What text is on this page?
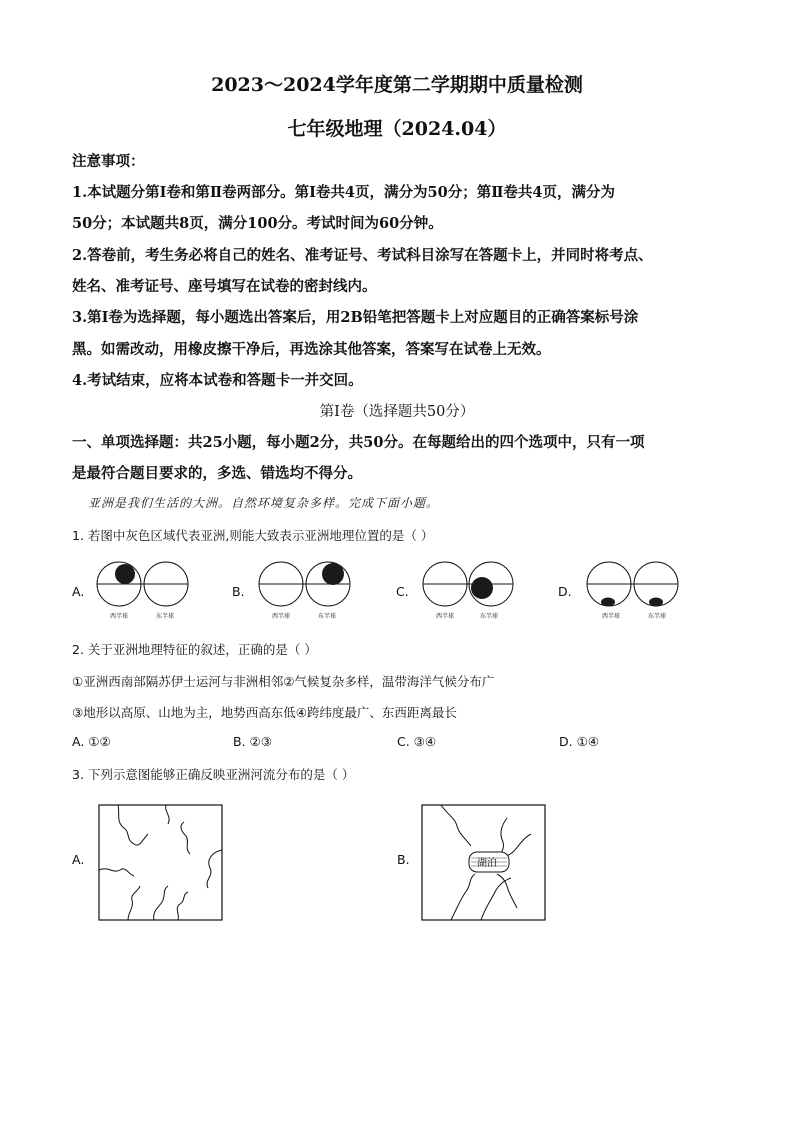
2023～2024学年度第二学期期中质量检测
七年级地理（2024.04）
注意事项：
1.本试题分第Ⅰ卷和第Ⅱ卷两部分。第Ⅰ卷共4页，满分为50分；第Ⅱ卷共4页，满分为
50分；本试题共8页，满分100分。考试时间为60分钟。
2.答卷前，考生务必将自己的姓名、准考证号、考试科目涂写在答题卡上，并同时将考点、
姓名、准考证号、座号填写在试卷的密封线内。
3.第Ⅰ卷为选择题，每小题选出答案后，用2B铅笔把答题卡上对应题目的正确答案标号涂
黑。如需改动，用橡皮擦干净后，再选涂其他答案，答案写在试卷上无效。
4.考试结束，应将本试卷和答题卡一并交回。
第Ⅰ卷（选择题共50分）
一、单项选择题：共25小题，每小题2分，共50分。在每题给出的四个选项中，只有一项
是最符合题目要求的，多选、错选均不得分。
亚洲是我们生活的大洲。自然环境复杂多样。完成下面小题。
1. 若图中灰色区域代表亚洲,则能大致表示亚洲地理位置的是（ ）
A.	B.	C.
西半球	东半球
D.
西半球	东半球
西半球	东半球	西半球	东半球
2. 关于亚洲地理特征的叙述，正确的是（ ）
①亚洲西南部隔苏伊士运河与非洲相邻②气候复杂多样，温带海洋气候分布广
③地形以高原、山地为主，地势西高东低④跨纬度最广、东西距离最长
A. ①②	B. ②③	C. ③④	D. ①④
3. 下列示意图能够正确反映亚洲河流分布的是（ ）
A.	B.	湖泊
